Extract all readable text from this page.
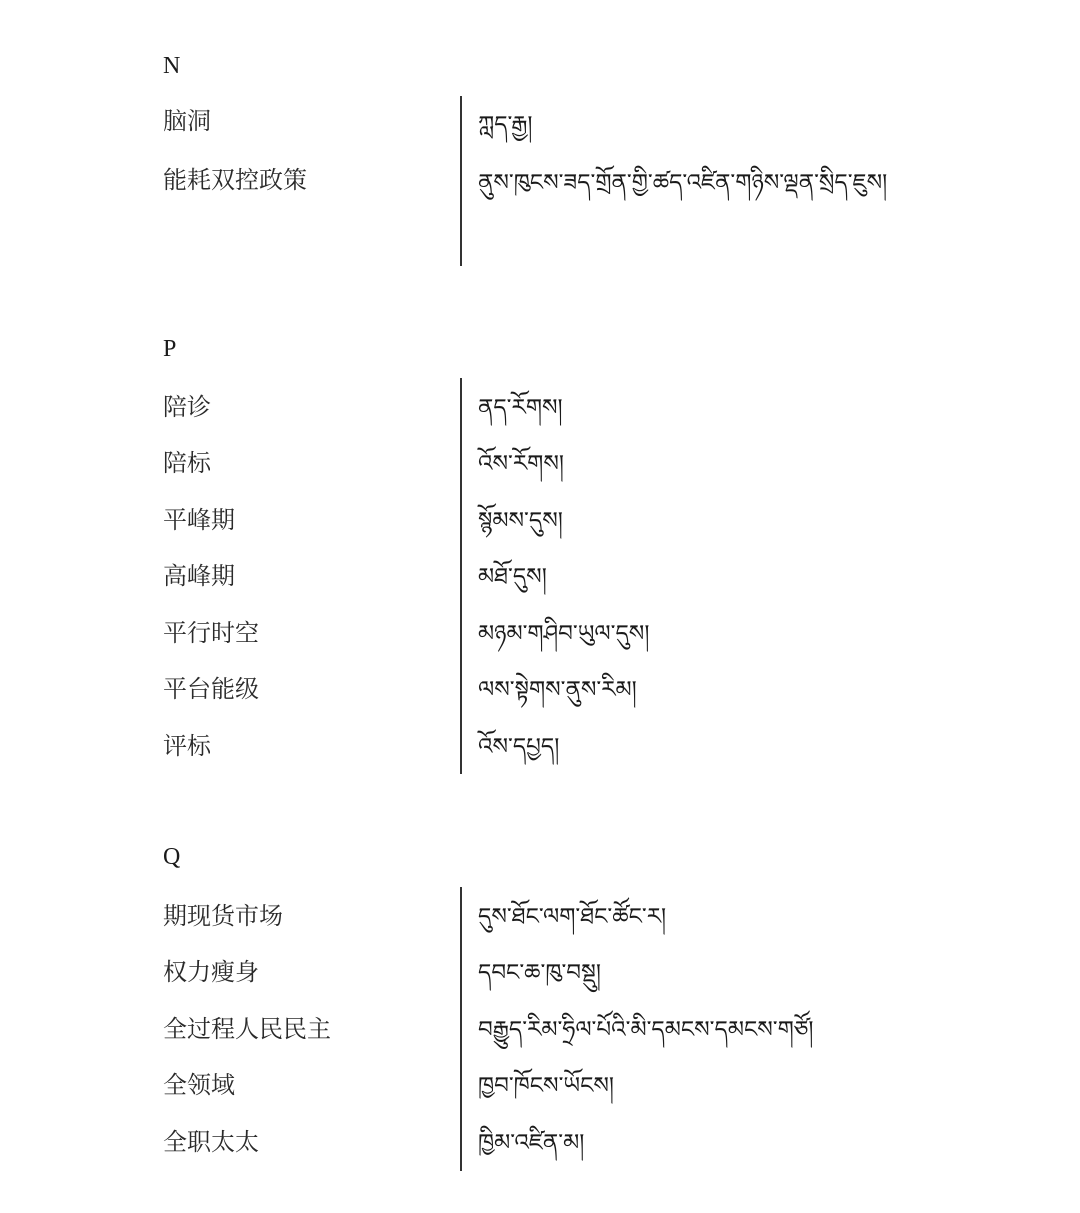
N
脑洞	ཀླད་རྒྱ།
能耗双控政策	ནུས་ཁུངས་ཟད་གྲོན་གྱི་ཚད་འཛིན་གཉིས་ལྡན་སྲིད་ཇུས།
P
陪诊	ནད་རོགས།
陪标	འོས་རོགས།
平峰期	སྙོམས་དུས།
高峰期	མཐོ་དུས།
平行时空	མཉམ་གཤིབ་ཡུལ་དུས།
平台能级	ལས་སྟེགས་ནུས་རིམ།
评标	འོས་དཔྱད།
Q
期现货市场	དུས་ཐོང་ལག་ཐོང་ཚོང་ར།
权力瘦身	དབང་ཆ་ཁུ་བསྡུ།
全过程人民民主	བརྒྱུད་རིམ་ཧྲིལ་པོའི་མི་དམངས་དམངས་གཙོ།
全领域	ཁྱབ་ཁོངས་ཡོངས།
全职太太	ཁྱིམ་འཛིན་མ།
